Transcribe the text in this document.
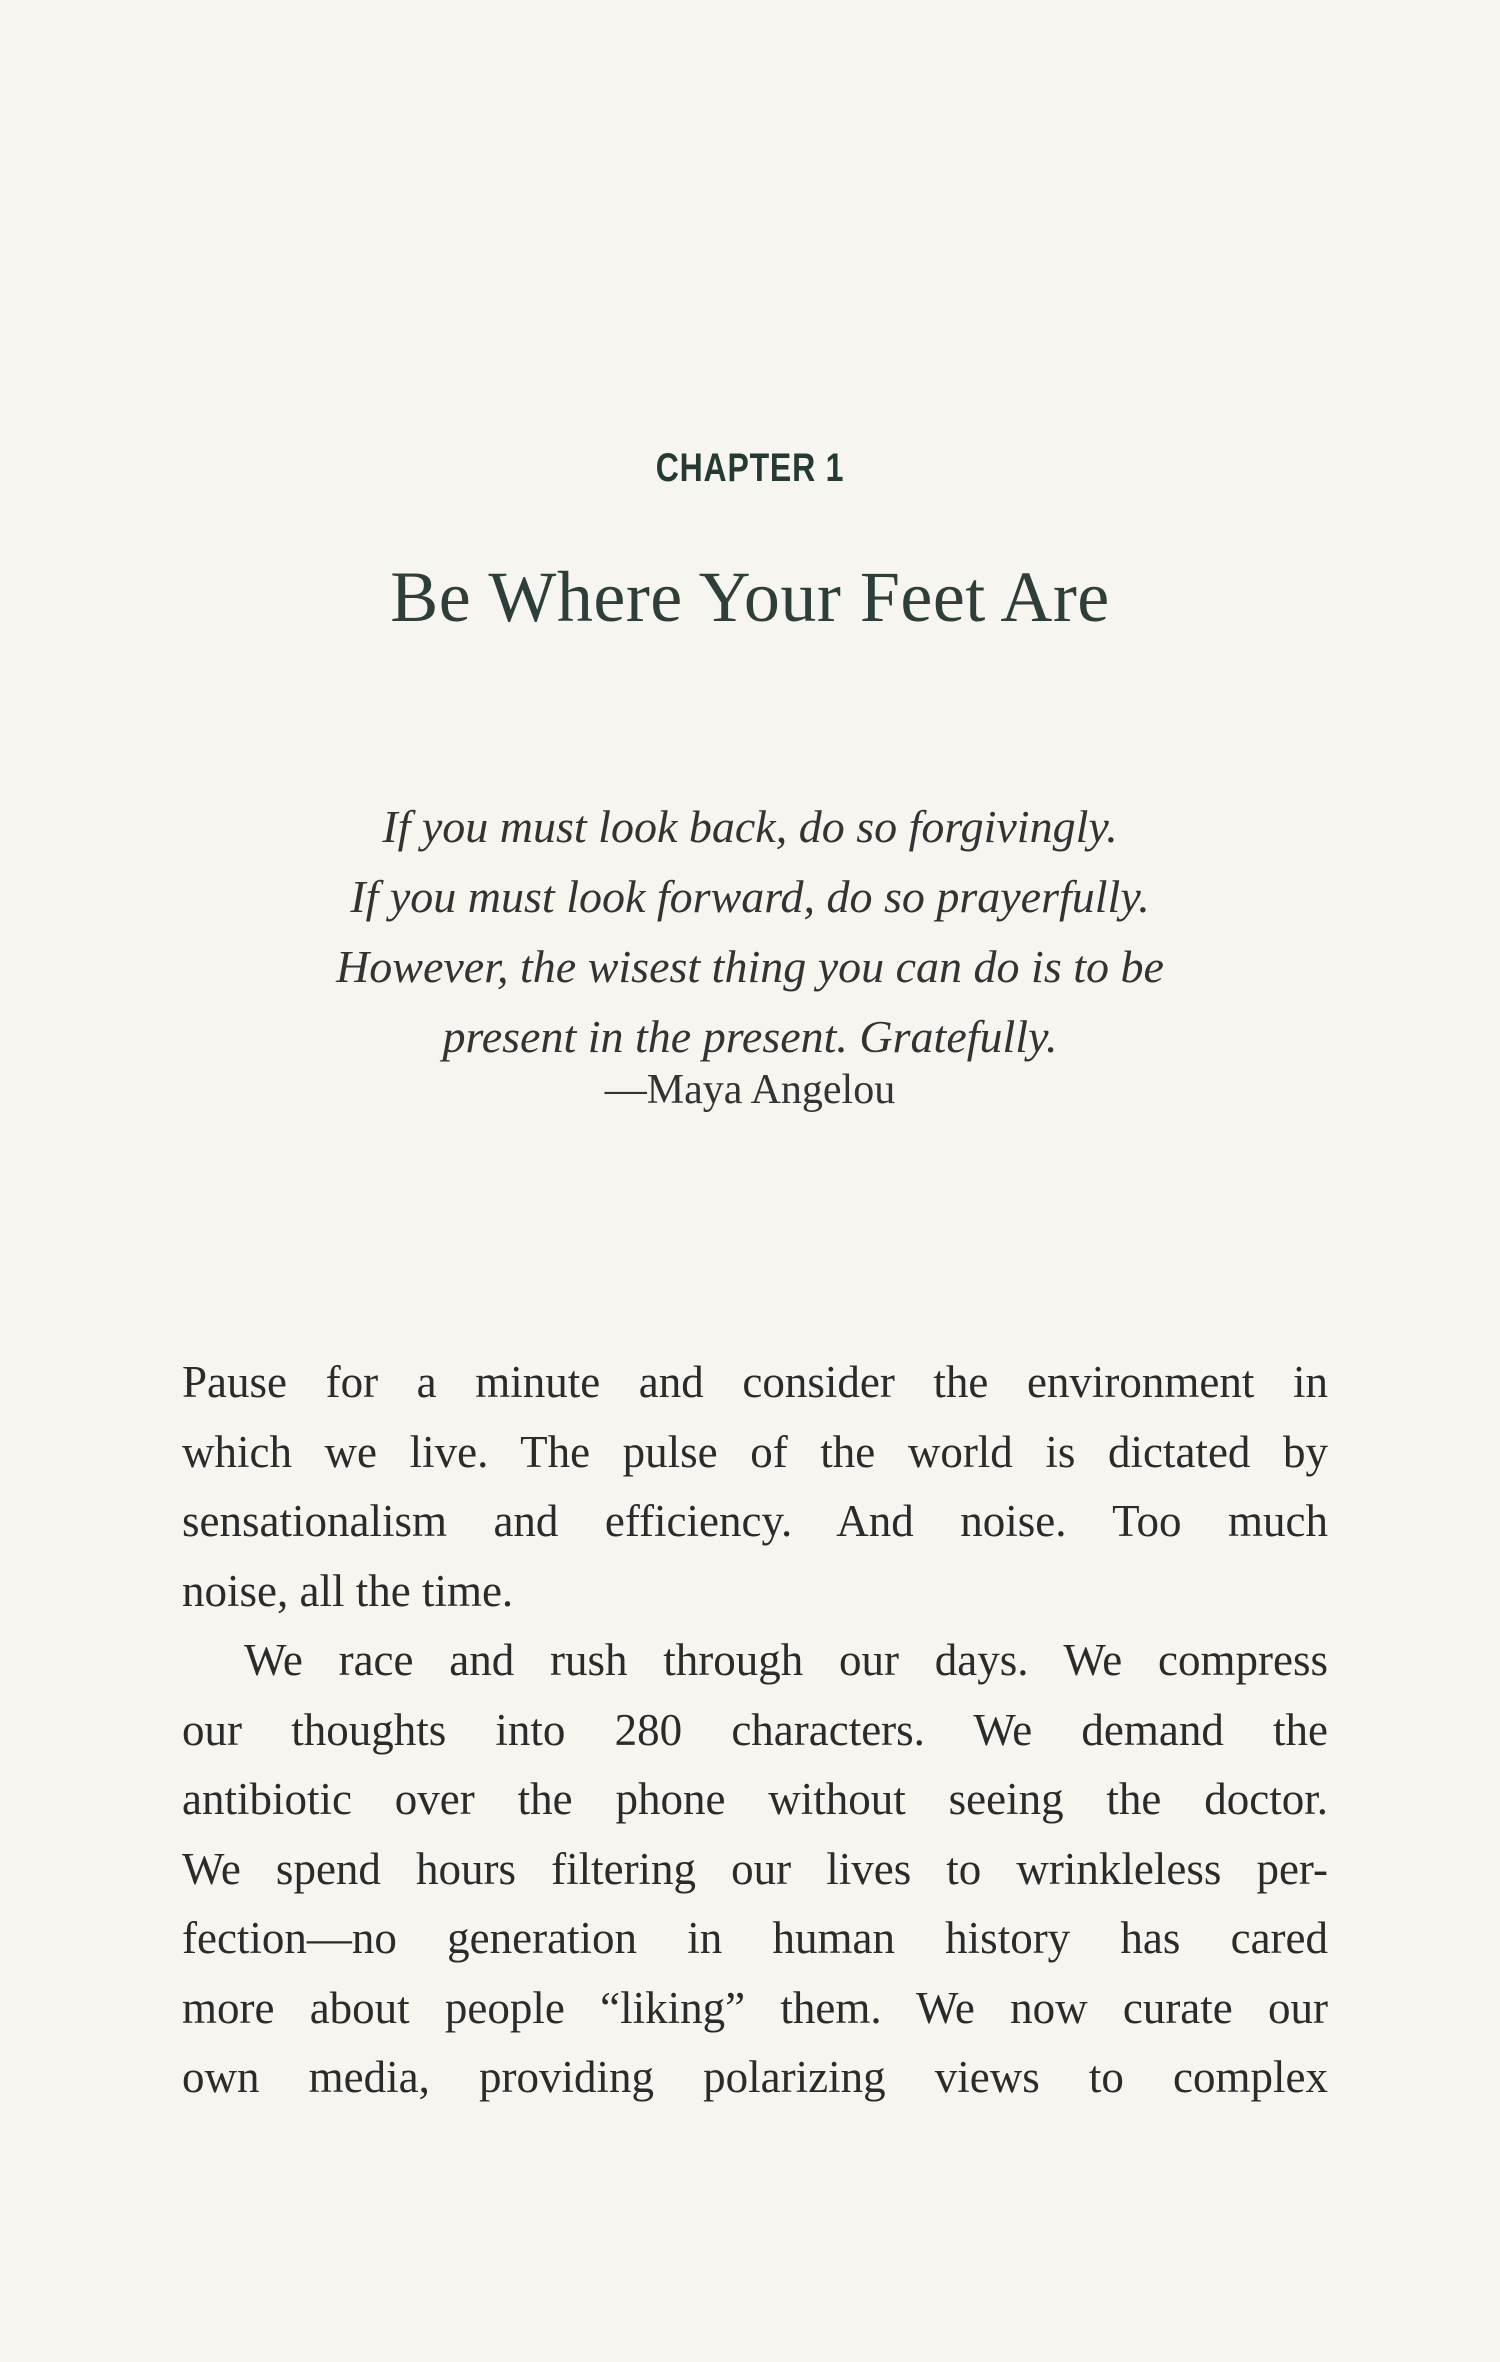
CHAPTER 1
Be Where Your Feet Are
If you must look back, do so forgivingly.
If you must look forward, do so prayerfully.
However, the wisest thing you can do is to be
present in the present. Gratefully.
—Maya Angelou

Pause for a minute and consider the environment in
which we live. The pulse of the world is dictated by
sensationalism and efficiency. And noise. Too much
noise, all the time.

We race and rush through our days. We compress
our thoughts into 280 characters. We demand the
antibiotic over the phone without seeing the doctor.
We spend hours filtering our lives to wrinkleless per-
fection—no generation in human history has cared
more about people “liking” them. We now curate our
own media, providing polarizing views to complex
